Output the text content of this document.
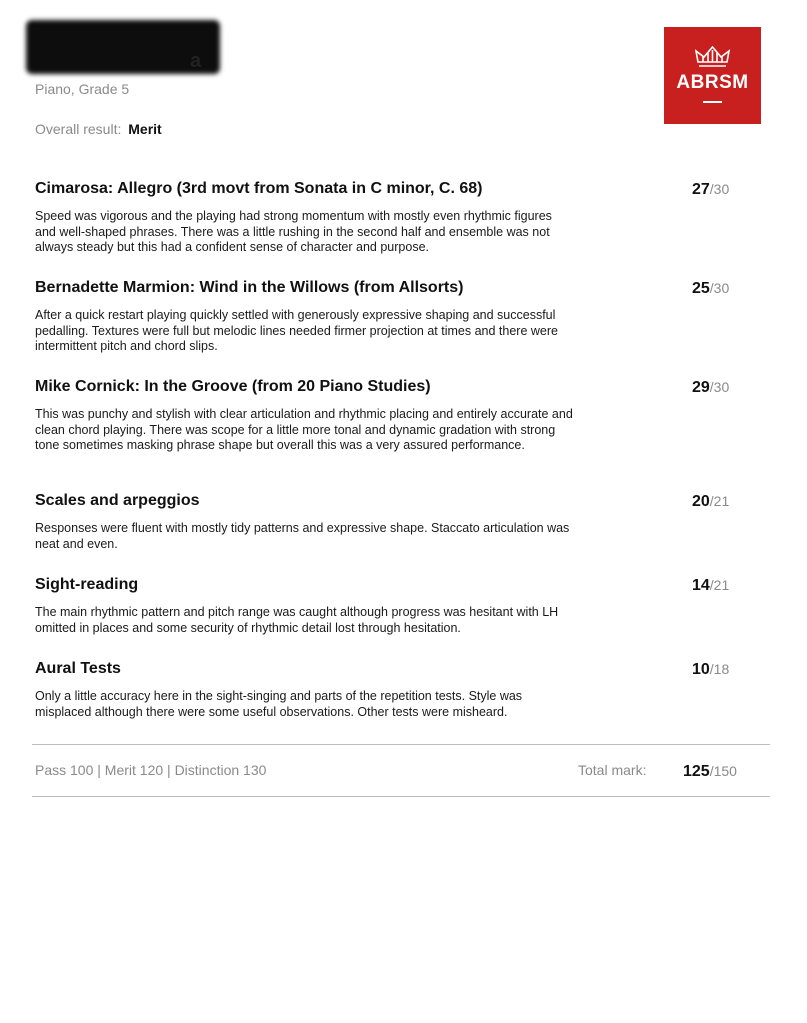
a
Piano, Grade 5
Overall result: Merit
ABRSM
Cimarosa: Allegro (3rd movt from Sonata in C minor, C. 68)	27/30
Speed was vigorous and the playing had strong momentum with mostly even rhythmic figures and well-shaped phrases. There was a little rushing in the second half and ensemble was not always steady but this had a confident sense of character and purpose.
Bernadette Marmion: Wind in the Willows (from Allsorts)	25/30
After a quick restart playing quickly settled with generously expressive shaping and successful pedalling. Textures were full but melodic lines needed firmer projection at times and there were intermittent pitch and chord slips.
Mike Cornick: In the Groove (from 20 Piano Studies)	29/30
This was punchy and stylish with clear articulation and rhythmic placing and entirely accurate and clean chord playing. There was scope for a little more tonal and dynamic gradation with strong tone sometimes masking phrase shape but overall this was a very assured performance.
Scales and arpeggios	20/21
Responses were fluent with mostly tidy patterns and expressive shape. Staccato articulation was neat and even.
Sight-reading	14/21
The main rhythmic pattern and pitch range was caught although progress was hesitant with LH omitted in places and some security of rhythmic detail lost through hesitation.
Aural Tests	10/18
Only a little accuracy here in the sight-singing and parts of the repetition tests. Style was misplaced although there were some useful observations. Other tests were misheard.
Pass 100 | Merit 120 | Distinction 130	Total mark: 125/150
